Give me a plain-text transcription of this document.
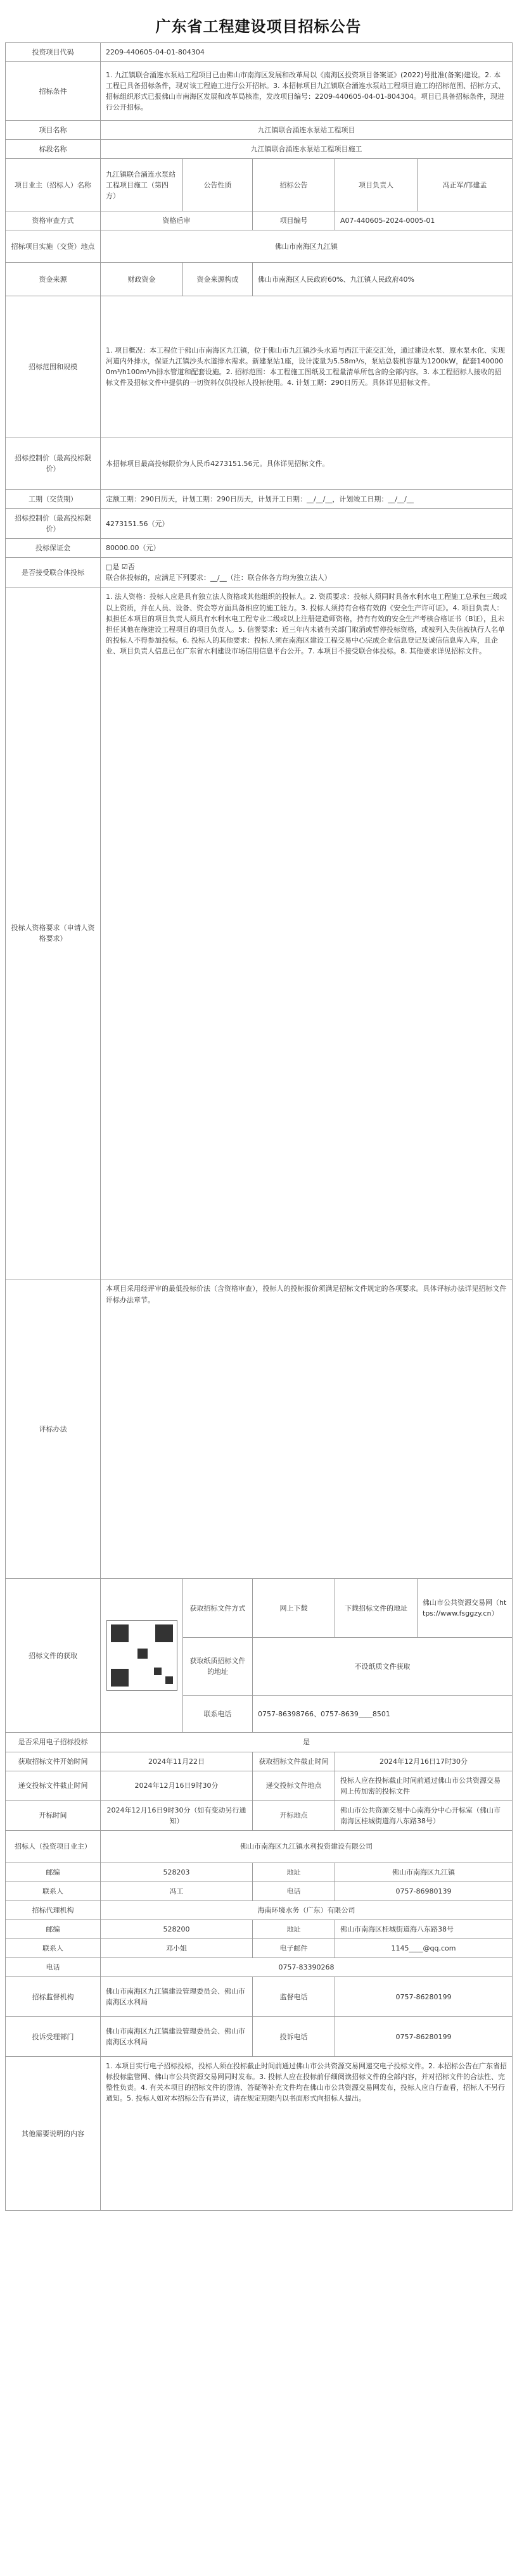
广东省工程建设项目招标公告
投资项目代码	2209-440605-04-01-804304				
招标条件	1. 九江镇联合涌连水泵站工程项目已由佛山市南海区发展和改革局以《南海区投资项目备案证》(2022)号批准(备案)建设。2. 本工程已具备招标条件，现对该工程施工进行公开招标。3. 本招标项目九江镇联合涌连水泵站工程项目施工的招标范围、招标方式、招标组织形式已报佛山市南海区发展和改革局核准，发改项目编号：2209-440605-04-01-804304。项目已具备招标条件，现进行公开招标。				
项目名称	九江镇联合涌连水泵站工程项目				
标段名称	九江镇联合涌连水泵站工程项目施工				
项目业主（招标人）名称	九江镇联合涌连水泵站工程项目施工（第四方）	公告性质	招标公告	项目负责人	冯正军/邝建孟
资格审查方式	资格后审		项目编号	A07-440605-2024-0005-01	
招标项目实施（交货）地点	佛山市南海区九江镇				
资金来源	财政资金	资金来源构成	佛山市南海区人民政府60%、九江镇人民政府40%		
招标范围和规模	1. 项目概况：本工程位于佛山市南海区九江镇，位于佛山市九江镇沙头水道与西江干流交汇处，通过建设水泵、原水泵水化、实现河道内外排水，保证九江镇沙头水道排水需求。新建泵站1座，设计流量为5.58m³/s，泵站总装机容量为1200kW，配套1400000m³/h100m³/h排水管道和配套设施。2. 招标范围：本工程施工图纸及工程量清单所包含的全部内容。3. 本工程招标人接收的招标文件及招标文件中提供的一切资料仅供投标人投标使用。4. 计划工期：290日历天。具体详见招标文件。				
招标控制价（最高投标限价）	本招标项目最高投标限价为人民币4273151.56元。具体详见招标文件。				
工期（交货期）	定额工期：290日历天，计划工期：290日历天，计划开工日期：__/__/__，计划竣工日期：__/__/__				
招标控制价（最高投标限价）	4273151.56（元）				
投标保证金	80000.00（元）				
是否接受联合体投标	□是 ☑否
联合体投标的，应满足下列要求：__/__（注：联合体各方均为独立法人）				

投标人资格要求（申请人资格要求）	1. 法人资格：投标人应是具有独立法人资格或其他组织的投标人。2. 资质要求：投标人须同时具备水利水电工程施工总承包三级或以上资质，并在人员、设备、资金等方面具备相应的施工能力。3. 投标人须持有合格有效的《安全生产许可证》。4. 项目负责人：拟担任本项目的项目负责人须具有水利水电工程专业二级或以上注册建造师资格，持有有效的安全生产考核合格证书（B证），且未担任其他在施建设工程项目的项目负责人。5. 信誉要求：近三年内未被有关部门取消或暂停投标资格，或被列入失信被执行人名单的投标人不得参加投标。6. 投标人的其他要求：投标人须在南海区建设工程交易中心完成企业信息登记及诚信信息库入库，且企业、项目负责人信息已在广东省水利建设市场信用信息平台公开。7. 本项目不接受联合体投标。8. 其他要求详见招标文件。				
评标办法	本项目采用经评审的最低投标价法（含资格审查），投标人的投标报价须满足招标文件规定的各项要求。具体评标办法详见招标文件评标办法章节。				
招标文件的获取		获取招标文件方式	网上下载	下载招标文件的地址	佛山市公共资源交易网（https://www.fsggzy.cn）
		获取纸质招标文件的地址	不设纸质文件获取		
		联系电话	0757-86398766、0757-8639____8501		
是否采用电子招标投标	是				
获取招标文件开始时间	2024年11月22日		获取招标文件截止时间	2024年12月16日17时30分	
递交投标文件截止时间	2024年12月16日9时30分		递交投标文件地点	投标人应在投标截止时间前通过佛山市公共资源交易网上传加密的投标文件	
开标时间	2024年12月16日9时30分（如有变动另行通知）		开标地点	佛山市公共资源交易中心南海分中心开标室（佛山市南海区桂城街道海八东路38号）	
招标人（投资项目业主）	佛山市南海区九江镇水利投资建设有限公司				
邮编	528203		地址	佛山市南海区九江镇	
联系人	冯工		电话	0757-86980139	
招标代理机构	海南环境水务（广东）有限公司				
邮编	528200		地址	佛山市南海区桂城街道海八东路38号	
联系人	邓小姐		电子邮件	1145____@qq.com	
电话	0757-83390268				
招标监督机构	佛山市南海区九江镇建设管理委员会、佛山市南海区水利局		监督电话	0757-86280199	
投诉受理部门	佛山市南海区九江镇建设管理委员会、佛山市南海区水利局		投诉电话	0757-86280199	
其他需要说明的内容	1. 本项目实行电子招标投标，投标人须在投标截止时间前通过佛山市公共资源交易网递交电子投标文件。2. 本招标公告在广东省招标投标监管网、佛山市公共资源交易网同时发布。3. 投标人应在投标前仔细阅读招标文件的全部内容，并对招标文件的合法性、完整性负责。4. 有关本项目的招标文件的澄清、答疑等补充文件均在佛山市公共资源交易网发布，投标人应自行查看，招标人不另行通知。5. 投标人如对本招标公告有异议，请在规定期限内以书面形式向招标人提出。				
